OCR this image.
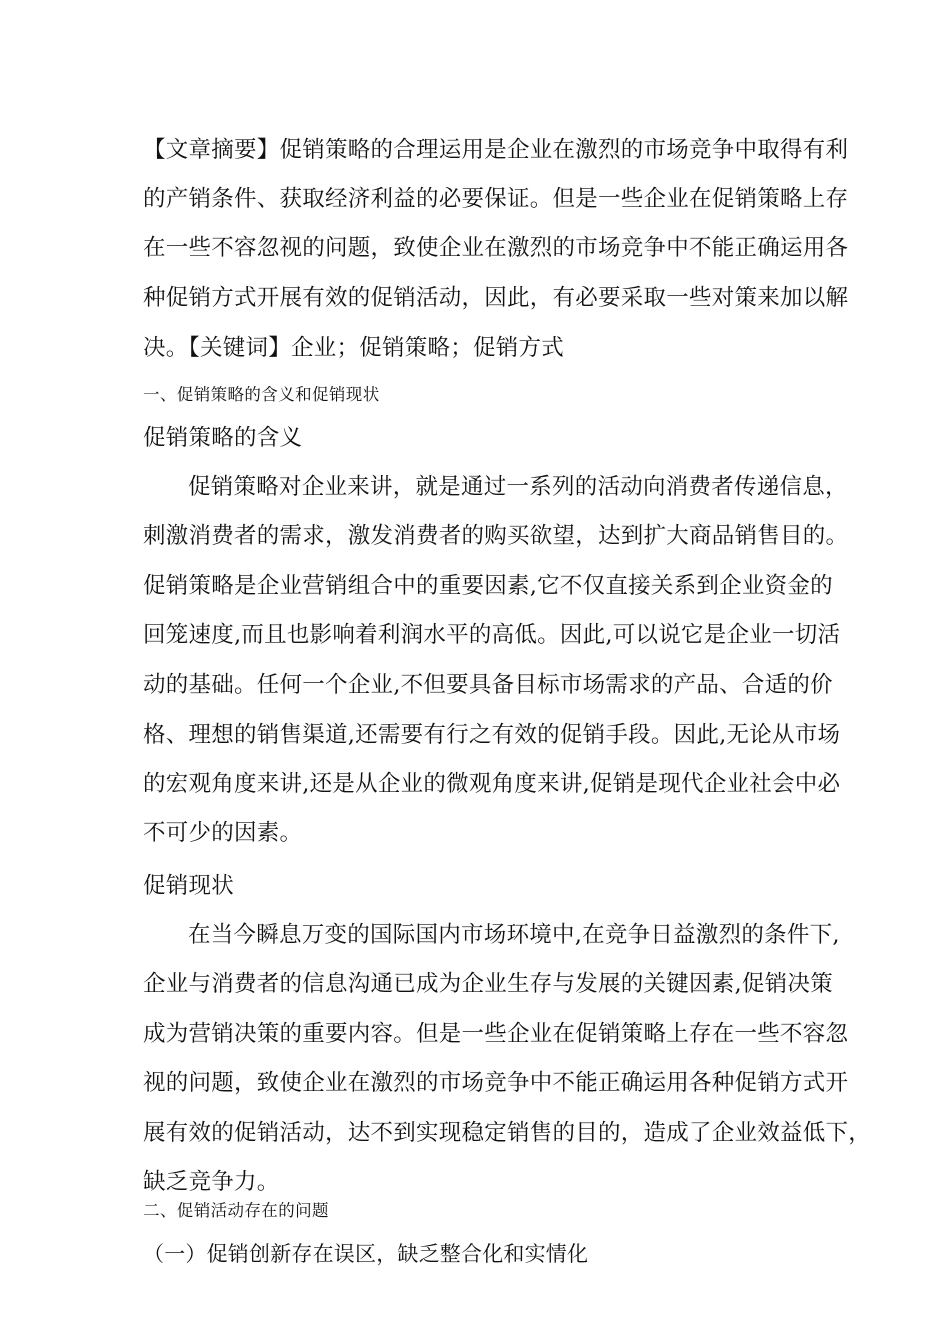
【文章摘要】促销策略的合理运用是企业在激烈的市场竞争中取得有利
的产销条件、获取经济利益的必要保证。但是一些企业在促销策略上存
在一些不容忽视的问题，致使企业在激烈的市场竞争中不能正确运用各
种促销方式开展有效的促销活动，因此，有必要采取一些对策来加以解
决。【关键词】企业；促销策略；促销方式
一、促销策略的含义和促销现状
促销策略的含义
促销策略对企业来讲，就是通过一系列的活动向消费者传递信息，
刺激消费者的需求，激发消费者的购买欲望，达到扩大商品销售目的。
促销策略是企业营销组合中的重要因素,它不仅直接关系到企业资金的
回笼速度,而且也影响着利润水平的高低。因此,可以说它是企业一切活
动的基础。任何一个企业,不但要具备目标市场需求的产品、合适的价
格、理想的销售渠道,还需要有行之有效的促销手段。因此,无论从市场
的宏观角度来讲,还是从企业的微观角度来讲,促销是现代企业社会中必
不可少的因素。
促销现状
在当今瞬息万变的国际国内市场环境中,在竞争日益激烈的条件下,
企业与消费者的信息沟通已成为企业生存与发展的关键因素,促销决策
成为营销决策的重要内容。但是一些企业在促销策略上存在一些不容忽
视的问题，致使企业在激烈的市场竞争中不能正确运用各种促销方式开
展有效的促销活动，达不到实现稳定销售的目的，造成了企业效益低下，
缺乏竞争力。
二、促销活动存在的问题
（一）促销创新存在误区，缺乏整合化和实情化
